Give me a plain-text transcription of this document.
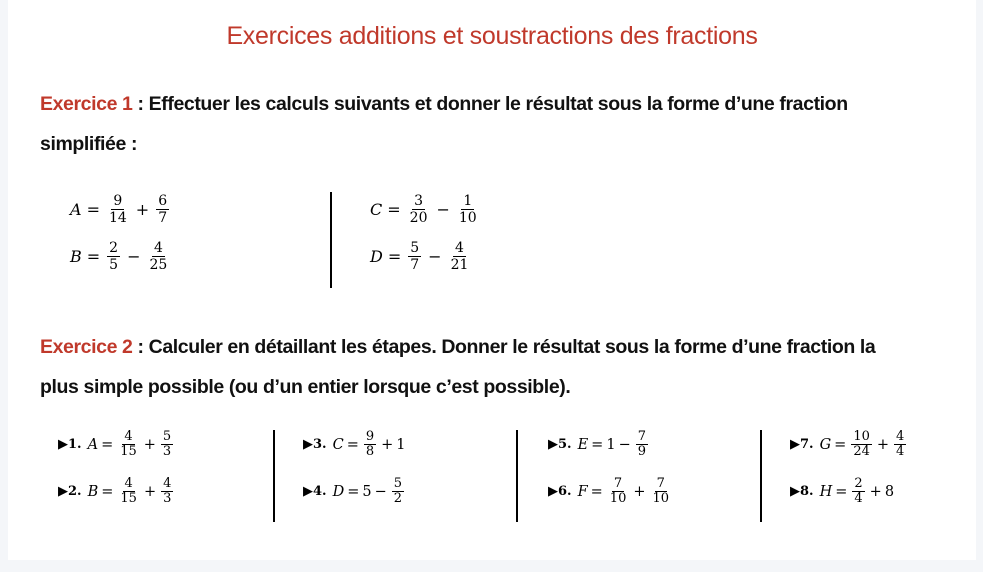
Exercices additions et soustractions des fractions
Exercice 1 : Effectuer les calculs suivants et donner le résultat sous la forme d’une fraction
simplifiée :
$A = \frac{9}{14} + \frac{6}{7}$
$B = \frac{2}{5} - \frac{4}{25}$
$C = \frac{3}{20} - \frac{1}{10}$
$D = \frac{5}{7} - \frac{4}{21}$
Exercice 2 : Calculer en détaillant les étapes. Donner le résultat sous la forme d’une fraction la
plus simple possible (ou d’un entier lorsque c’est possible).
▶1. $A = \frac{4}{15} + \frac{5}{3}$
▶2. $B = \frac{4}{15} + \frac{4}{3}$
▶3. $C = \frac{9}{8} + 1$
▶4. $D = 5 - \frac{5}{2}$
▶5. $E = 1 - \frac{7}{9}$
▶6. $F = \frac{7}{10} + \frac{7}{10}$
▶7. $G = \frac{10}{24} + \frac{4}{4}$
▶8. $H = \frac{2}{4} + 8$
